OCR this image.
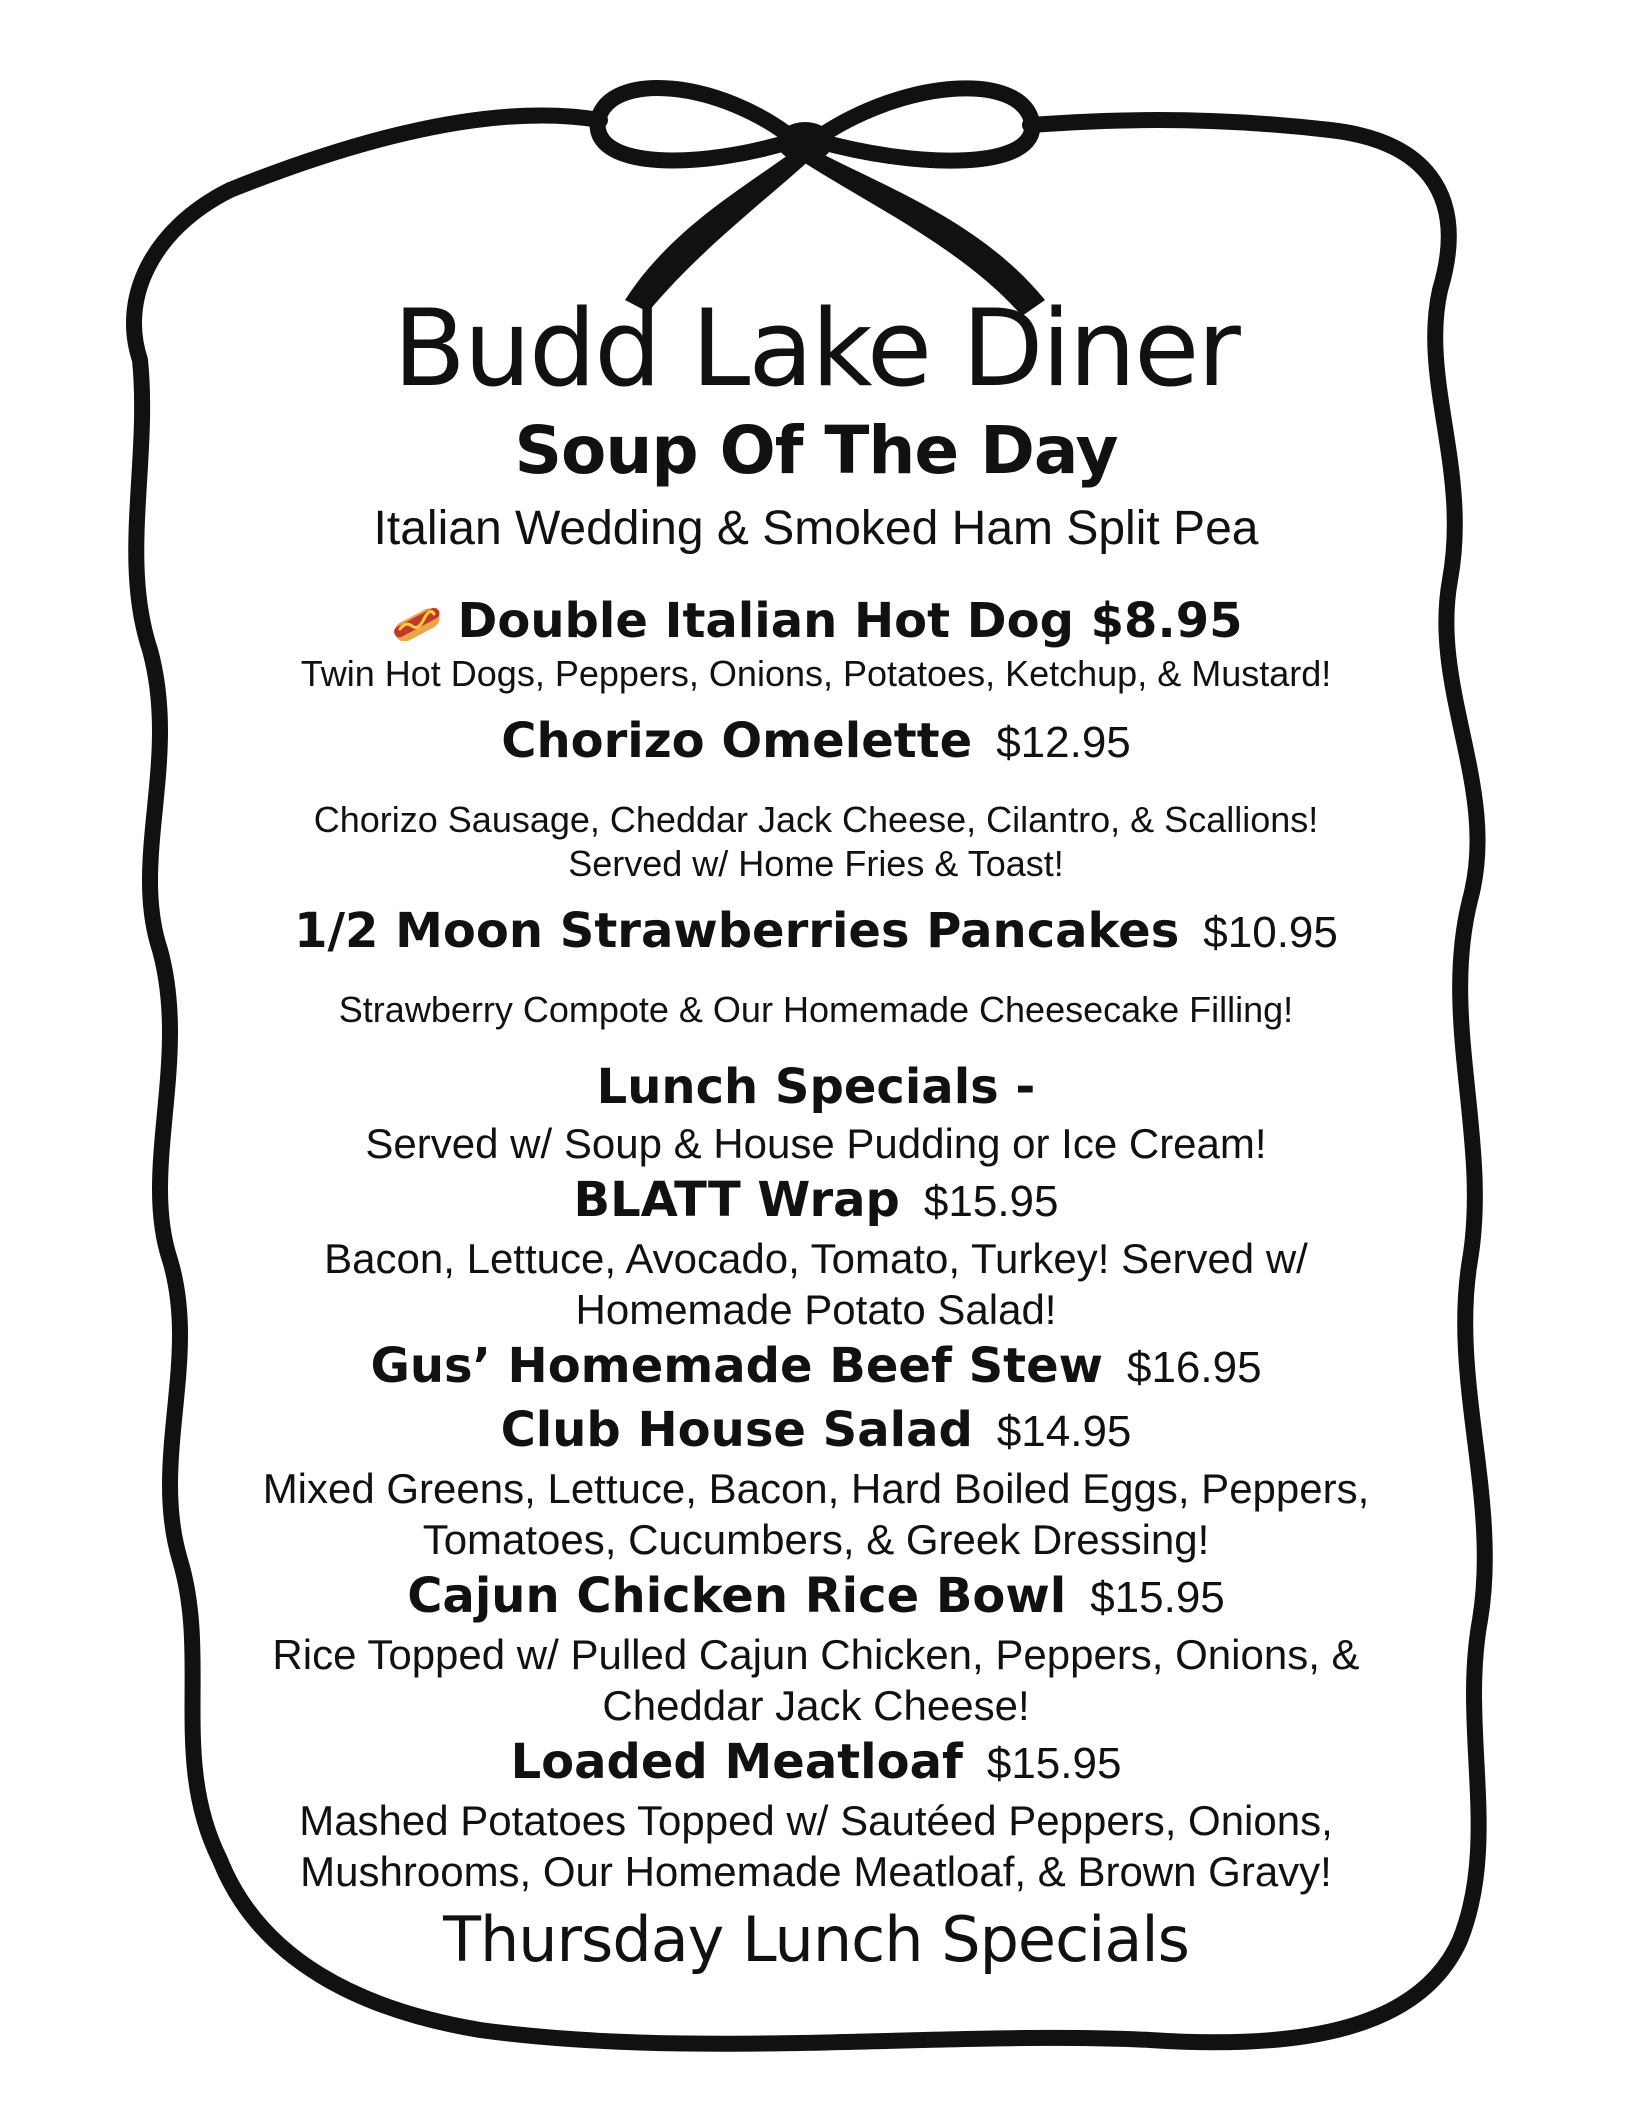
Budd Lake Diner
Soup Of The Day

Italian Wedding & Smoked Ham Split Pea

Double Italian Hot Dog $8.95

Twin Hot Dogs, Peppers, Onions, Potatoes, Ketchup, & Mustard!

Chorizo Omelette $12.95

Chorizo Sausage, Cheddar Jack Cheese, Cilantro, & Scallions!

Served w/ Home Fries & Toast!

1/2 Moon Strawberries Pancakes $10.95

Strawberry Compote & Our Homemade Cheesecake Filling!

Lunch Specials -

Served w/ Soup & House Pudding or Ice Cream!

BLATT Wrap $15.95

Bacon, Lettuce, Avocado, Tomato, Turkey! Served w/

Homemade Potato Salad!

Gus’ Homemade Beef Stew $16.95

Club House Salad $14.95

Mixed Greens, Lettuce, Bacon, Hard Boiled Eggs, Peppers,

Tomatoes, Cucumbers, & Greek Dressing!

Cajun Chicken Rice Bowl $15.95

Rice Topped w/ Pulled Cajun Chicken, Peppers, Onions, &

Cheddar Jack Cheese!

Loaded Meatloaf $15.95

Mashed Potatoes Topped w/ Sautéed Peppers, Onions,

Mushrooms, Our Homemade Meatloaf, & Brown Gravy!

Thursday Lunch Specials
